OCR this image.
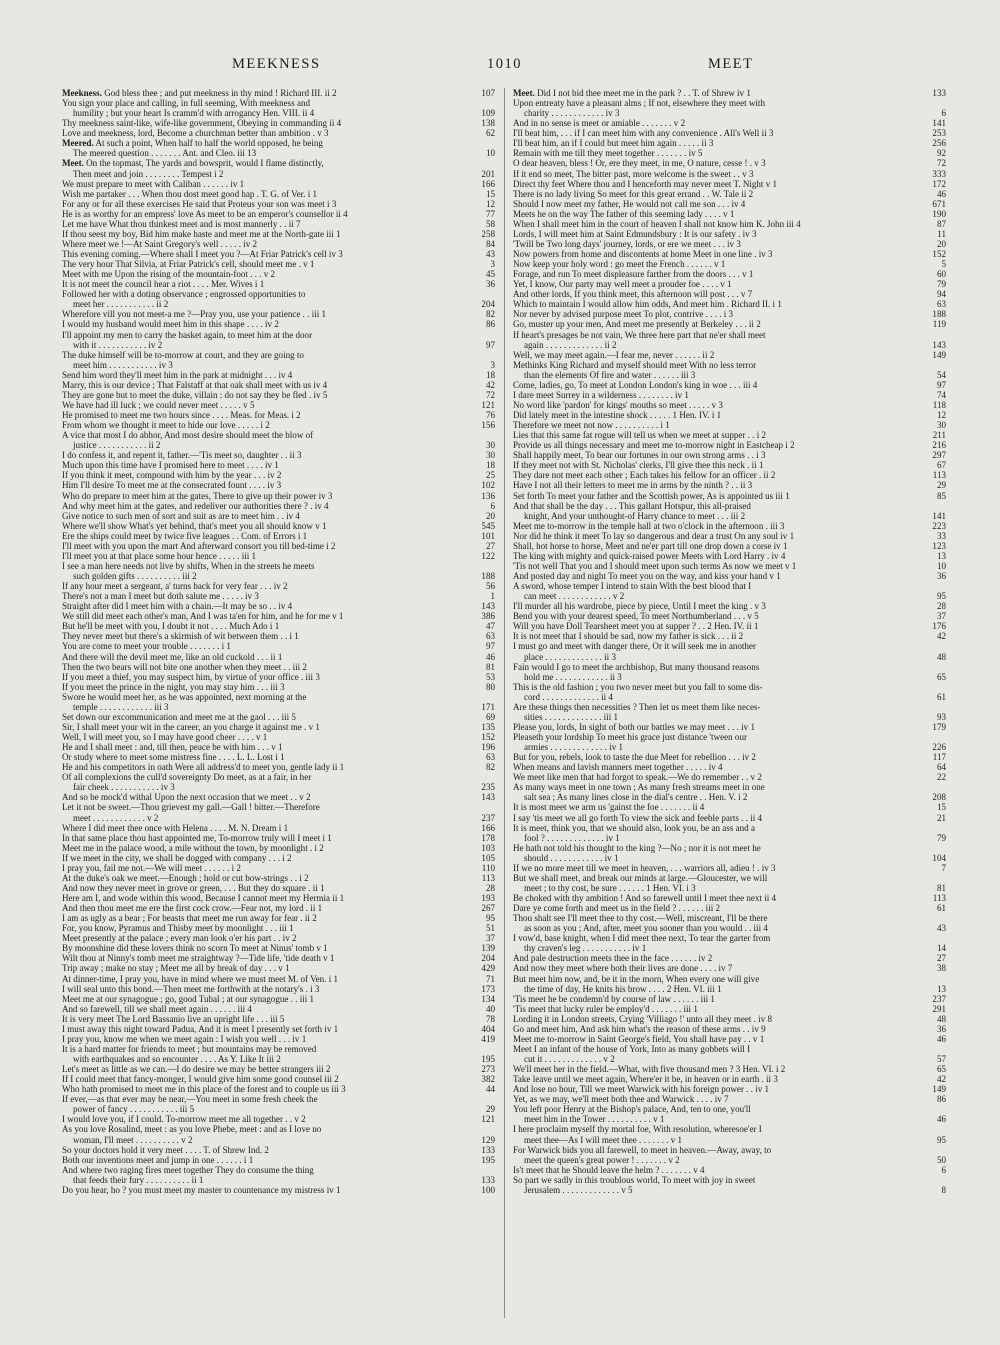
MEEKNESS	1010	MEET
Meekness. God bless thee ; and put meekness in thy mind ! Richard III. ii 2	107
You sign your place and calling, in full seeming, With meekness and
humility ; but your heart Is cramm'd with arrogancy Hen. VIII. ii 4	109
Thy meekness saint-like, wife-like government, Obeying in commanding ii 4	138
Love and meekness, lord, Become a churchman better than ambition . v 3	62
Meered. At such a point, When half to half the world opposed, he being
The meered question . . . . . . . Ant. and Cleo. iii 13	10
Meet. On the topmast, The yards and bowsprit, would I flame distinctly,
Then meet and join . . . . . . . . Tempest i 2	201
We must prepare to meet with Caliban . . . . . . iv 1	166
Wish me partaker . . . When thou dost meet good hap . T. G. of Ver. i 1	15
For any or for all these exercises He said that Proteus your son was meet i 3	12
He is as worthy for an empress' love As meet to be an emperor's counsellor ii 4	77
Let me have What thou thinkest meet and is most mannerly . . ii 7	58
If thou seest my boy, Bid him make haste and meet me at the North-gate iii 1	258
Where meet we !—At Saint Gregory's well . . . . . iv 2	84
This evening coming.—Where shall I meet you ?—At Friar Patrick's cell iv 3	43
The very hour That Silvia, at Friar Patrick's cell, should meet me . v 1	3
Meet with me Upon the rising of the mountain-foot . . . v 2	45
It is not meet the council hear a riot . . . . Mer. Wives i 1	36
Followed her with a doting observance ; engrossed opportunities to
meet her . . . . . . . . . . . ii 2	204
Wherefore vill you not meet-a me ?—Pray you, use your patience . . iii 1	82
I would my husband would meet him in this shape . . . . iv 2	86
I'll appoint my men to carry the basket again, to meet him at the door
with it . . . . . . . . . . . iv 2	97
The duke himself will be to-morrow at court, and they are going to
meet him . . . . . . . . . . . iv 3	3
Send him word they'll meet him in the park at midnight . . . iv 4	18
Marry, this is our device ; That Falstaff at that oak shall meet with us iv 4	42
They are gone but to meet the duke, villain : do not say they be fled . iv 5	72
We have had ill luck ; we could never meet . . . . . v 5	121
He promised to meet me two hours since . . . . Meas. for Meas. i 2	76
From whom we thought it meet to hide our love . . . . . i 2	156
A vice that most I do abhor, And most desire should meet the blow of
justice . . . . . . . . . . . ii 2	30
I do confess it, and repent it, father.—'Tis meet so, daughter . . ii 3	30
Much upon this time have I promised here to meet . . . . iv 1	18
If you think it meet, compound with him by the year . . . iv 2	25
Him I'll desire To meet me at the consecrated fount . . . . iv 3	102
Who do prepare to meet him at the gates, There to give up their power iv 3	136
And why meet him at the gates, and redeliver our authorities there ? . iv 4	6
Give notice to such men of sort and suit as are to meet him . . iv 4	20
Where we'll show What's yet behind, that's meet you all should know v 1	545
Ere the ships could meet by twice five leagues . . Com. of Errors i 1	101
I'll meet with you upon the mart And afterward consort you till bed-time i 2	27
I'll meet you at that place some hour hence . . . . . iii 1	122
I see a man here needs not live by shifts, When in the streets he meets
such golden gifts . . . . . . . . . . iii 2	188
If any hour meet a sergeant, a' turns back for very fear . . . iv 2	56
There's not a man I meet but doth salute me . . . . . iv 3	1
Straight after did I meet him with a chain.—It may be so . . iv 4	143
We still did meet each other's man, And I was ta'en for him, and he for me v 1	386
But he'll be meet with you, I doubt it not . . . . Much Ado i 1	47
They never meet but there's a skirmish of wit between them . . i 1	63
You are come to meet your trouble . . . . . . . i 1	97
And there will the devil meet me, like an old cuckold . . . ii 1	46
Then the two bears will not bite one another when they meet . . iii 2	81
If you meet a thief, you may suspect him, by virtue of your office . iii 3	53
If you meet the prince in the night, you may stay him . . . iii 3	80
Swore he would meet her, as he was appointed, next morning at the
temple . . . . . . . . . . . . iii 3	171
Set down our excommunication and meet me at the gaol . . . iii 5	69
Sir, I shall meet your wit in the career, an you charge it against me . v 1	135
Well, I will meet you, so I may have good cheer . . . . v 1	152
He and I shall meet : and, till then, peace be with him . . . v 1	196
Or study where to meet some mistress fine . . . . L. L. Lost i 1	63
He and his competitors in oath Were all address'd to meet you, gentle lady ii 1	82
Of all complexions the cull'd sovereignty Do meet, as at a fair, in her
fair cheek . . . . . . . . . . . iv 3	235
And so be mock'd withal Upon the next occasion that we meet . . v 2	143
Let it not be sweet.—Thou grievest my gall.—Gall ! bitter.—Therefore
meet . . . . . . . . . . . . v 2	237
Where I did meet thee once with Helena . . . . M. N. Dream i 1	166
In that same place thou hast appointed me, To-morrow truly will I meet i 1	178
Meet me in the palace wood, a mile without the town, by moonlight . i 2	103
If we meet in the city, we shall be dogged with company . . . i 2	105
I pray you, fail me not.—We will meet . . . . . . i 2	110
At the duke's oak we meet.—Enough ; hold or cut bow-strings . . i 2	113
And now they never meet in grove or green, . . . But they do square . ii 1	28
Here am I, and wode within this wood, Because I cannot meet my Hermia ii 1	193
And then thou meet me ere the first cock crow.—Fear not, my lord . ii 1	267
I am as ugly as a bear ; For beasts that meet me run away for fear . ii 2	95
For, you know, Pyramus and Thisby meet by moonlight . . . iii 1	51
Meet presently at the palace ; every man look o'er his part . . iv 2	37
By moonshine did these lovers think no scorn To meet at Ninus' tomb v 1	139
Wilt thou at Ninny's tomb meet me straightway ?—Tide life, 'tide death v 1	204
Trip away ; make no stay ; Meet me all by break of day . . . v 1	429
At dinner-time, I pray you, have in mind where we must meet M. of Ven. i 1	71
I will seal unto this bond.—Then meet me forthwith at the notary's . i 3	173
Meet me at our synagogue ; go, good Tubal ; at our synagogue . . iii 1	134
And so farewell, till we shall meet again . . . . . . iii 4	40
It is very meet The Lord Bassanio live an upright life . . . iii 5	78
I must away this night toward Padua, And it is meet I presently set forth iv 1	404
I pray you, know me when we meet again : I wish you well . . . iv 1	419
It is a hard matter for friends to meet ; but mountains may be removed
with earthquakes and so encounter . . . . As Y. Like It iii 2	195
Let's meet as little as we can.—I do desire we may be better strangers iii 2	273
If I could meet that fancy-monger, I would give him some good counsel iii 2	382
Who hath promised to meet me in this place of the forest and to couple us iii 3	44
If ever,—as that ever may be near,—You meet in some fresh cheek the
power of fancy . . . . . . . . . . . iii 5	29
I would love you, if I could. To-morrow meet me all together . . v 2	121
As you love Rosalind, meet : as you love Phebe, meet : and as I love no
woman, I'll meet . . . . . . . . . . v 2	129
So your doctors hold it very meet . . . . T. of Shrew Ind. 2	133
Both our inventions meet and jump in one . . . . . . i 1	195
And where two raging fires meet together They do consume the thing
that feeds their fury . . . . . . . . . . ii 1	133
Do you hear, ho ? you must meet my master to countenance my mistress iv 1	100
Meet. Did I not bid thee meet me in the park ? . . T. of Shrew iv 1	133
Upon entreaty have a pleasant alms ; If not, elsewhere they meet with
charity . . . . . . . . . . . . iv 3	6
And in no sense is meet or amiable . . . . . . . v 2	141
I'll beat him, . . . if I can meet him with any convenience . All's Well ii 3	253
I'll beat him, an if I could but meet him again . . . . . ii 3	256
Remain with me till they meet together . . . . . . . iv 5	92
O dear heaven, bless ! Or, ere they meet, in me, O nature, cesse ! . v 3	72
If it end so meet, The bitter past, more welcome is the sweet . . v 3	333
Direct thy feet Where thou and I henceforth may never meet T. Night v 1	172
There is no lady living So meet for this great errand . . W. Tale ii 2	46
Should I now meet my father, He would not call me son . . . iv 4	671
Meets he on the way The father of this seeming lady . . . . v 1	190
When I shall meet him in the court of heaven I shall not know him K. John iii 4	87
Lords, I will meet him at Saint Edmundsbury : It is our safety . iv 3	11
'Twill be Two long days' journey, lords, or ere we meet . . . iv 3	20
Now powers from home and discontents at home Meet in one line . iv 3	152
Now keep your holy word : go meet the French . . . . . . v 1	5
Forage, and run To meet displeasure farther from the doors . . . v 1	60
Yet, I know, Our party may well meet a prouder foe . . . . v 1	79
And other lords, If you think meet, this afternoon will post . . . v 7	94
Which to maintain I would allow him odds, And meet him . Richard II. i 1	63
Nor never by advised purpose meet To plot, contrive . . . . i 3	188
Go, muster up your men, And meet me presently at Berkeley . . . ii 2	119
If heart's presages be not vain, We three here part that ne'er shall meet
again . . . . . . . . . . . . . ii 2	143
Well, we may meet again.—I fear me, never . . . . . . ii 2	149
Methinks King Richard and myself should meet With no less terror
than the elements Of fire and water . . . . . . iii 3	54
Come, ladies, go, To meet at London London's king in woe . . . iii 4	97
I dare meet Surrey in a wilderness . . . . . . . . iv 1	74
No word like 'pardon' for kings' mouths so meet . . . . . v 3	118
Did lately meet in the intestine shock . . . . . 1 Hen. IV. i 1	12
Therefore we meet not now . . . . . . . . . . i 1	30
Lies that this same fat rogue will tell us when we meet at supper . . i 2	211
Provide us all things necessary and meet me to-morrow night in Eastcheap i 2	216
Shall happily meet, To bear our fortunes in our own strong arms . . i 3	297
If they meet not with St. Nicholas' clerks, I'll give thee this neck . ii 1	67
They dare not meet each other ; Each takes his fellow for an officer . ii 2	113
Have I not all their letters to meet me in arms by the ninth ? . . ii 3	29
Set forth To meet your father and the Scottish power, As is appointed us iii 1	85
And that shall be the day . . . This gallant Hotspur, this all-praised
knight, And your unthought-of Harry chance to meet . . . iii 2	141
Meet me to-morrow in the temple hall at two o'clock in the afternoon . iii 3	223
Nor did he think it meet To lay so dangerous and dear a trust On any soul iv 1	33
Shall, hot horse to horse, Meet and ne'er part till one drop down a corse iv 1	123
The king with mighty and quick-raised power Meets with Lord Harry . iv 4	13
'Tis not well That you and I should meet upon such terms As now we meet v 1	10
And posted day and night To meet you on the way, and kiss your hand v 1	36
A sword, whose temper I intend to stain With the best blood that I
can meet . . . . . . . . . . . . v 2	95
I'll murder all his wardrobe, piece by piece, Until I meet the king . v 3	28
Bend you with your dearest speed, To meet Northumberland . . . v 5	37
Will you have Doll Tearsheet meet you at supper ? . . 2 Hen. IV. ii 1	176
It is not meet that I should be sad, now my father is sick . . . ii 2	42
I must go and meet with danger there, Or it will seek me in another
place . . . . . . . . . . . . . ii 3	48
Fain would I go to meet the archbishop, But many thousand reasons
hold me . . . . . . . . . . . . ii 3	65
This is the old fashion ; you two never meet but you fall to some dis-
cord . . . . . . . . . . . . . ii 4	61
Are these things then necessities ? Then let us meet them like neces-
sities . . . . . . . . . . . . . iii 1	93
Please you, lords, In sight of both our battles we may meet . . . iv 1	179
Pleaseth your lordship To meet his grace just distance 'tween our
armies . . . . . . . . . . . . . iv 1	226
But for you, rebels, look to taste the due Meet for rebellion . . . iv 2	117
When means and lavish manners meet together . . . . . iv 4	64
We meet like men that had forgot to speak.—We do remember . . v 2	22
As many ways meet in one town ; As many fresh streams meet in one
salt sea ; As many lines close in the dial's centre . . Hen. V. i 2	208
It is most meet we arm us 'gainst the foe . . . . . . . ii 4	15
I say 'tis meet we all go forth To view the sick and feeble parts . . ii 4	21
It is meet, think you, that we should also, look you, be an ass and a
fool ? . . . . . . . . . . . . . iv 1	79
He hath not told his thought to the king ?—No ; nor it is not meet he
should . . . . . . . . . . . . iv 1	104
If we no more meet till we meet in heaven, . . . warriors all, adieu ! . iv 3	7
But we shall meet, and break our minds at large.—Gloucester, we will
meet ; to thy cost, be sure . . . . . . 1 Hen. VI. i 3	81
Be choked with thy ambition ! And so farewell until I meet thee next ii 4	113
Dare ye come forth and meet us in the field ? . . . . . . iii 2	61
Thou shalt see I'll meet thee to thy cost.—Well, miscreant, I'll be there
as soon as you ; And, after, meet you sooner than you would . . iii 4	43
I vow'd, base knight, when I did meet thee next, To tear the garter from
thy craven's leg . . . . . . . . . . . iv 1	14
And pale destruction meets thee in the face . . . . . . iv 2	27
And now they meet where both their lives are done . . . . iv 7	38
But meet him now, and, be it in the morn, When every one will give
the time of day, He knits his brow . . . . 2 Hen. VI. iii 1	13
'Tis meet he be condemn'd by course of law . . . . . . iii 1	237
'Tis meet that lucky ruler be employ'd . . . . . . . iii 1	291
Lording it in London streets, Crying 'Villiago !' unto all they meet . iv 8	48
Go and meet him, And ask him what's the reason of these arms . . iv 9	36
Meet me to-morrow in Saint George's field, You shall have pay . . v 1	46
Meet I an infant of the house of York, Into as many gobbets will I
cut it . . . . . . . . . . . . . v 2	57
We'll meet her in the field.—What, with five thousand men ? 3 Hen. VI. i 2	65
Take leave until we meet again, Where'er it be, in heaven or in earth . ii 3	42
And lose no hour, Till we meet Warwick with his foreign power . . iv 1	149
Yet, as we may, we'll meet both thee and Warwick . . . . iv 7	86
You left poor Henry at the Bishop's palace, And, ten to one, you'll
meet him in the Tower . . . . . . . . . . v 1	46
I here proclaim myself thy mortal foe, With resolution, wheresoe'er I
meet thee—As I will meet thee . . . . . . . v 1	95
For Warwick bids you all farewell, to meet in heaven.—Away, away, to
meet the queen's great power ! . . . . . . . v 2	50
Is't meet that he Should leave the helm ? . . . . . . . v 4	6
So part we sadly in this troublous world, To meet with joy in sweet
Jerusalem . . . . . . . . . . . . . v 5	8
